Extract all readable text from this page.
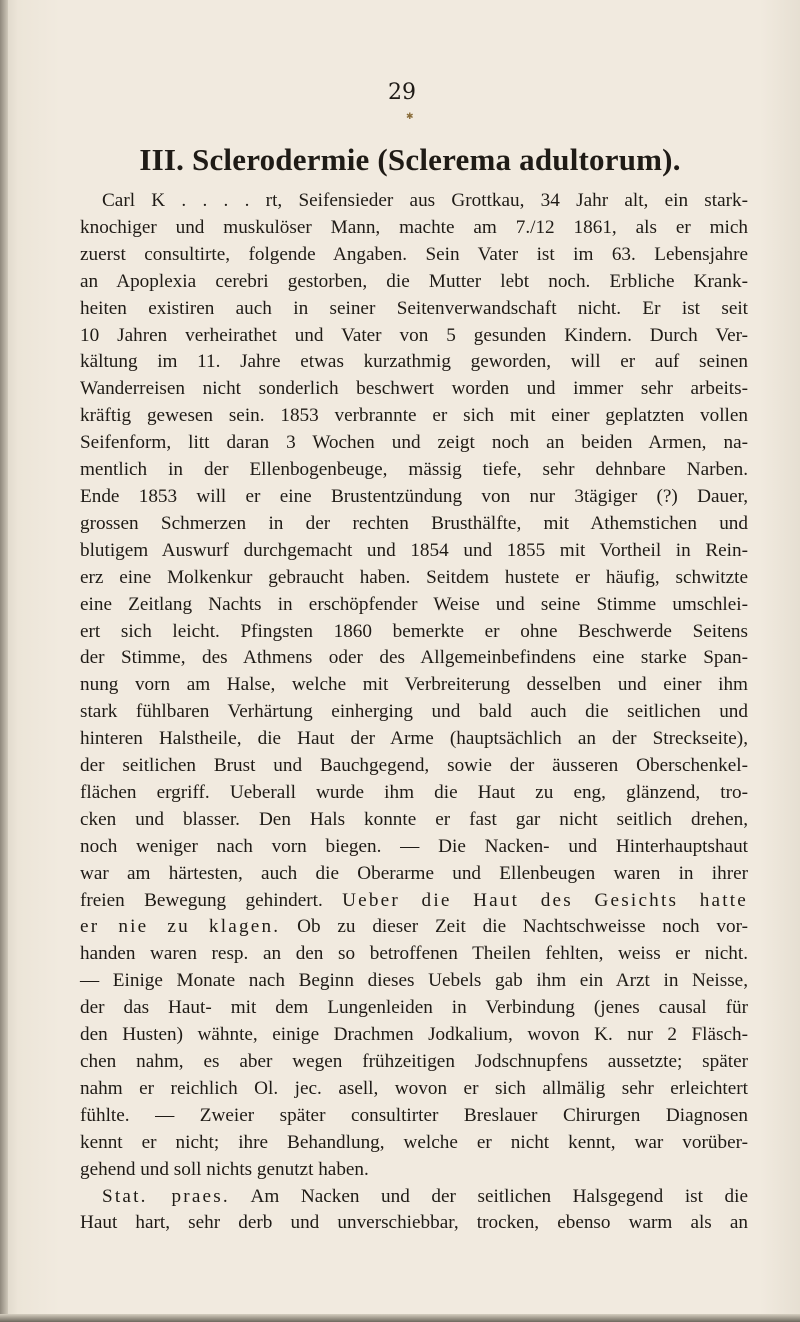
29
✱
III. Sclerodermie (Sclerema adultorum).
Carl K . . . . rt, Seifensieder aus Grottkau, 34 Jahr alt, ein stark-
knochiger und muskulöser Mann, machte am 7./12 1861, als er mich
zuerst consultirte, folgende Angaben. Sein Vater ist im 63. Lebensjahre
an Apoplexia cerebri gestorben, die Mutter lebt noch. Erbliche Krank-
heiten existiren auch in seiner Seitenverwandschaft nicht. Er ist seit
10 Jahren verheirathet und Vater von 5 gesunden Kindern. Durch Ver-
kältung im 11. Jahre etwas kurzathmig geworden, will er auf seinen
Wanderreisen nicht sonderlich beschwert worden und immer sehr arbeits-
kräftig gewesen sein. 1853 verbrannte er sich mit einer geplatzten vollen
Seifenform, litt daran 3 Wochen und zeigt noch an beiden Armen, na-
mentlich in der Ellenbogenbeuge, mässig tiefe, sehr dehnbare Narben.
Ende 1853 will er eine Brustentzündung von nur 3tägiger (?) Dauer,
grossen Schmerzen in der rechten Brusthälfte, mit Athemstichen und
blutigem Auswurf durchgemacht und 1854 und 1855 mit Vortheil in Rein-
erz eine Molkenkur gebraucht haben. Seitdem hustete er häufig, schwitzte
eine Zeitlang Nachts in erschöpfender Weise und seine Stimme umschlei-
ert sich leicht. Pfingsten 1860 bemerkte er ohne Beschwerde Seitens
der Stimme, des Athmens oder des Allgemeinbefindens eine starke Span-
nung vorn am Halse, welche mit Verbreiterung desselben und einer ihm
stark fühlbaren Verhärtung einherging und bald auch die seitlichen und
hinteren Halstheile, die Haut der Arme (hauptsächlich an der Streckseite),
der seitlichen Brust und Bauchgegend, sowie der äusseren Oberschenkel-
flächen ergriff. Ueberall wurde ihm die Haut zu eng, glänzend, tro-
cken und blasser. Den Hals konnte er fast gar nicht seitlich drehen,
noch weniger nach vorn biegen. — Die Nacken- und Hinterhauptshaut
war am härtesten, auch die Oberarme und Ellenbeugen waren in ihrer
freien Bewegung gehindert. Ueber die Haut des Gesichts hatte
er nie zu klagen. Ob zu dieser Zeit die Nachtschweisse noch vor-
handen waren resp. an den so betroffenen Theilen fehlten, weiss er nicht.
— Einige Monate nach Beginn dieses Uebels gab ihm ein Arzt in Neisse,
der das Haut- mit dem Lungenleiden in Verbindung (jenes causal für
den Husten) wähnte, einige Drachmen Jodkalium, wovon K. nur 2 Fläsch-
chen nahm, es aber wegen frühzeitigen Jodschnupfens aussetzte; später
nahm er reichlich Ol. jec. asell, wovon er sich allmälig sehr erleichtert
fühlte. — Zweier später consultirter Breslauer Chirurgen Diagnosen
kennt er nicht; ihre Behandlung, welche er nicht kennt, war vorüber-
gehend und soll nichts genutzt haben.
Stat. praes. Am Nacken und der seitlichen Halsgegend ist die
Haut hart, sehr derb und unverschiebbar, trocken, ebenso warm als an
